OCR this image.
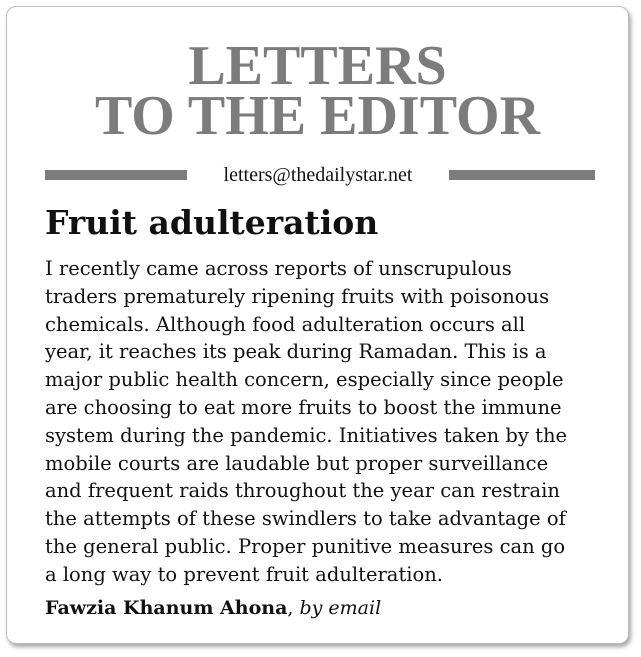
LETTERS
TO THE EDITOR
letters@thedailystar.net
Fruit adulteration
I recently came across reports of unscrupulous
traders prematurely ripening fruits with poisonous
chemicals. Although food adulteration occurs all
year, it reaches its peak during Ramadan. This is a
major public health concern, especially since people
are choosing to eat more fruits to boost the immune
system during the pandemic. Initiatives taken by the
mobile courts are laudable but proper surveillance
and frequent raids throughout the year can restrain
the attempts of these swindlers to take advantage of
the general public. Proper punitive measures can go
a long way to prevent fruit adulteration.
Fawzia Khanum Ahona, by email
